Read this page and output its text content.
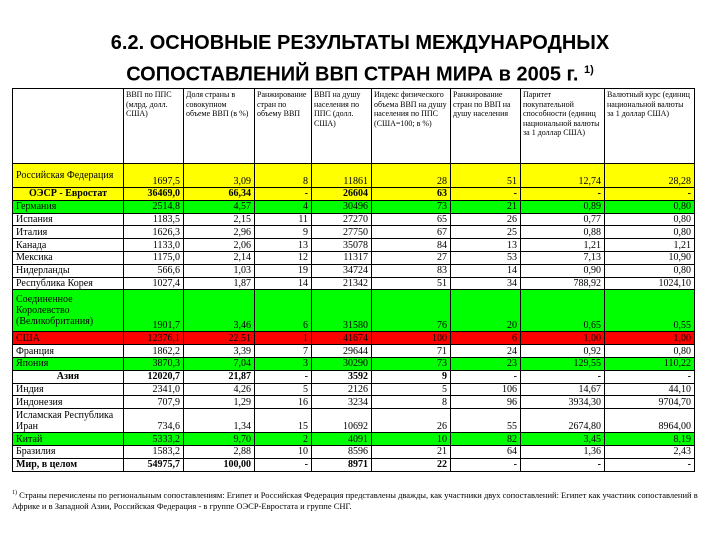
6.2. ОСНОВНЫЕ РЕЗУЛЬТАТЫ МЕЖДУНАРОДНЫХ
СОПОСТАВЛЕНИЙ ВВП СТРАН МИРА в 2005 г. $^{1)}$
	ВВП по ППС (млрд. долл. США)	Доля страны в совокупном объеме ВВП (в %)	Ранжирование стран по объему ВВП	ВВП на душу населения по ППС (долл. США)	Индекс физического объема ВВП на душу населения по ППС (США=100; в %)	Ранжирование стран по ВВП на душу населения	Паритет покупательной способности (единиц национальной валюты за 1 доллар США)	Валютный курс (единиц национальной валюты за 1 доллар США)
Российская Федерация	1697,5	3,09	8	11861	28	51	12,74	28,28
ОЭСР - Евростат	36469,0	66,34	-	26604	63	-	-	-
Германия	2514,8	4,57	4	30496	73	21	0,89	0,80
Испания	1183,5	2,15	11	27270	65	26	0,77	0,80
Италия	1626,3	2,96	9	27750	67	25	0,88	0,80
Канада	1133,0	2,06	13	35078	84	13	1,21	1,21
Мексика	1175,0	2,14	12	11317	27	53	7,13	10,90
Нидерланды	566,6	1,03	19	34724	83	14	0,90	0,80
Республика Корея	1027,4	1,87	14	21342	51	34	788,92	1024,10
Соединенное Королевство (Великобритания)	1901,7	3,46	6	31580	76	20	0,65	0,55
США	12376,1	22,51	1	41674	100	6	1,00	1,00
Франция	1862,2	3,39	7	29644	71	24	0,92	0,80
Япония	3870,3	7,04	3	30290	73	23	129,55	110,22
Азия	12020,7	21,87	-	3592	9	-	-	-
Индия	2341,0	4,26	5	2126	5	106	14,67	44,10
Индонезия	707,9	1,29	16	3234	8	96	3934,30	9704,70
Исламская Республика Иран	734,6	1,34	15	10692	26	55	2674,80	8964,00
Китай	5333,2	9,70	2	4091	10	82	3,45	8,19
Бразилия	1583,2	2,88	10	8596	21	64	1,36	2,43
Мир, в целом	54975,7	100,00	-	8971	22	-	-	-
$^{1)}$ Страны перечислены по региональным сопоставлениям: Египет и Российская Федерация представлены дважды, как участники двух сопоставлений: Египет как участник сопоставлений в Африке и в Западной Азии, Российская Федерация - в группе ОЭСР-Евростата и группе СНГ.
